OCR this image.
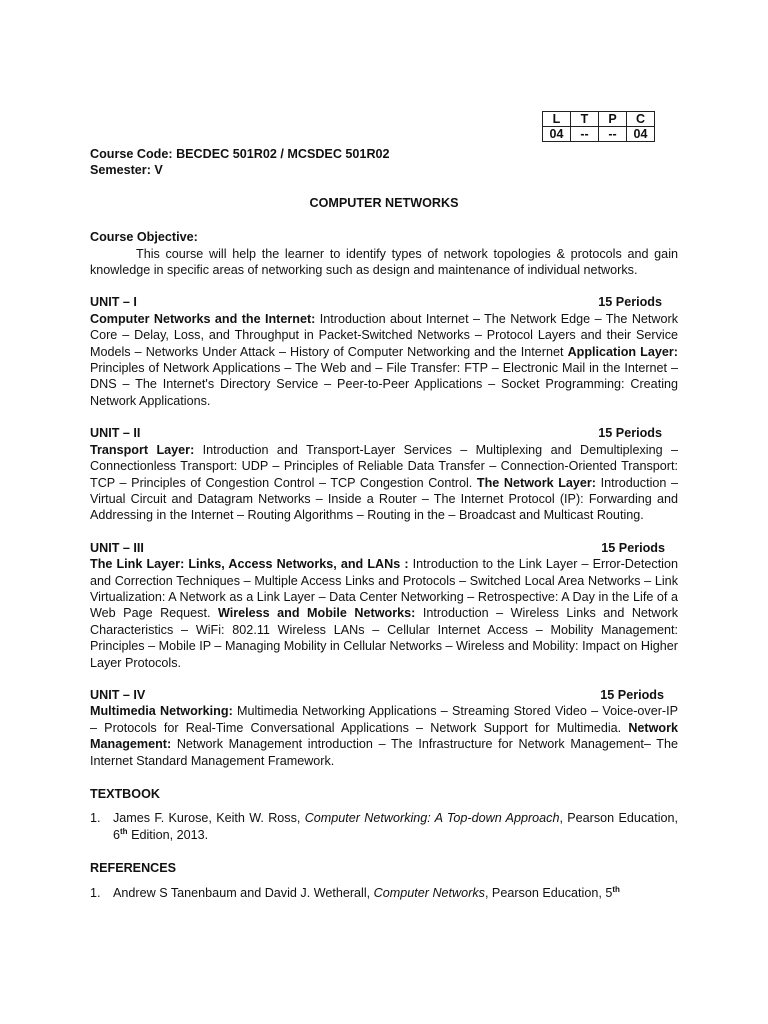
L	T	P	C
04	--	--	04
Course Code: BECDEC 501R02 / MCSDEC 501R02
Semester: V
COMPUTER NETWORKS
Course Objective:

This course will help the learner to identify types of network topologies & protocols and gain knowledge in specific areas of networking such as design and maintenance of individual networks.

UNIT – I	15 Periods

Computer Networks and the Internet: Introduction about Internet – The Network Edge – The Network Core – Delay, Loss, and Throughput in Packet-Switched Networks – Protocol Layers and their Service Models – Networks Under Attack – History of Computer Networking and the Internet Application Layer: Principles of Network Applications – The Web and – File Transfer: FTP – Electronic Mail in the Internet – DNS – The Internet's Directory Service – Peer-to-Peer Applications – Socket Programming: Creating Network Applications.

UNIT – II	15 Periods

Transport Layer: Introduction and Transport-Layer Services – Multiplexing and Demultiplexing – Connectionless Transport: UDP – Principles of Reliable Data Transfer – Connection-Oriented Transport: TCP – Principles of Congestion Control – TCP Congestion Control. The Network Layer: Introduction – Virtual Circuit and Datagram Networks – Inside a Router – The Internet Protocol (IP): Forwarding and Addressing in the Internet – Routing Algorithms – Routing in the – Broadcast and Multicast Routing.

UNIT – III	15 Periods

The Link Layer: Links, Access Networks, and LANs : Introduction to the Link Layer – Error-Detection and Correction Techniques – Multiple Access Links and Protocols – Switched Local Area Networks – Link Virtualization: A Network as a Link Layer – Data Center Networking – Retrospective: A Day in the Life of a Web Page Request. Wireless and Mobile Networks: Introduction – Wireless Links and Network Characteristics – WiFi: 802.11 Wireless LANs – Cellular Internet Access – Mobility Management: Principles – Mobile IP – Managing Mobility in Cellular Networks – Wireless and Mobility: Impact on Higher Layer Protocols.

UNIT – IV	15 Periods

Multimedia Networking: Multimedia Networking Applications – Streaming Stored Video – Voice-over-IP – Protocols for Real-Time Conversational Applications – Network Support for Multimedia. Network Management: Network Management introduction – The Infrastructure for Network Management– The Internet Standard Management Framework.

TEXTBOOK
1. James F. Kurose, Keith W. Ross, Computer Networking: A Top-down Approach, Pearson Education, 6th Edition, 2013.
REFERENCES
1. Andrew S Tanenbaum and David J. Wetherall, Computer Networks, Pearson Education, 5th
